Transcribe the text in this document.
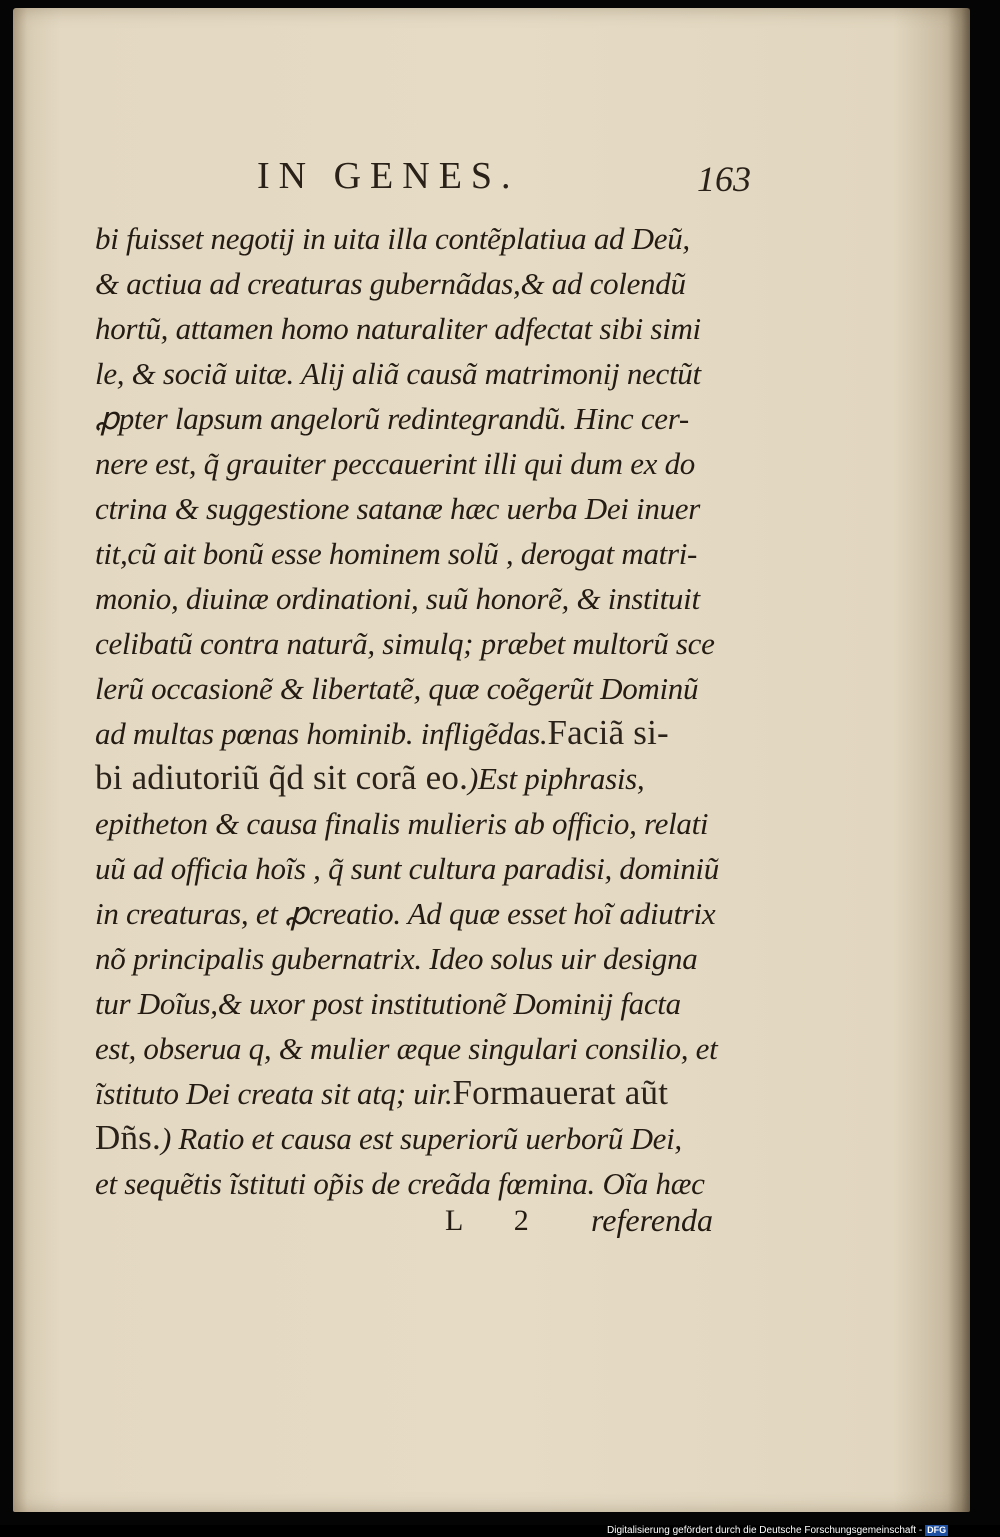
IN GENES.	163
bi fuisset negotij in uita illa contẽplatiua ad Deũ,
& actiua ad creaturas gubernãdas,& ad colendũ
hortũ, attamen homo naturaliter adfectat sibi simi
le, & sociã uitæ. Alij aliã causã matrimonij nectũt
ꝓpter lapsum angelorũ redintegrandũ. Hinc cer-
nere est, q̃ grauiter peccauerint illi qui dum ex do
ctrina & suggestione satanæ hæc uerba Dei inuer
tit,cũ ait bonũ esse hominem solũ , derogat matri-
monio, diuinæ ordinationi, suũ honorẽ, & instituit
celibatũ contra naturã, simulq; præbet multorũ sce
lerũ occasionẽ & libertatẽ, quæ coẽgerũt Dominũ
ad multas pœnas hominib. infligẽdas.Faciã si-
bi adiutoriũ q̃d sit corã eo.)Est piphrasis,
epitheton & causa finalis mulieris ab officio, relati
uũ ad officia hoĩs , q̃ sunt cultura paradisi, dominiũ
in creaturas, et ꝓcreatio. Ad quæ esset hoĩ adiutrix
nõ principalis gubernatrix. Ideo solus uir designa
tur Doĩus,& uxor post institutionẽ Dominij facta
est, obserua q, & mulier æque singulari consilio, et
ĩstituto Dei creata sit atq; uir.Formauerat aũt
Dñs.) Ratio et causa est superiorũ uerborũ Dei,
et sequẽtis ĩstituti op̃is de creãda fœmina. Oĩa hæc
L 2 referenda
Digitalisierung gefördert durch die Deutsche Forschungsgemeinschaft - DFG
